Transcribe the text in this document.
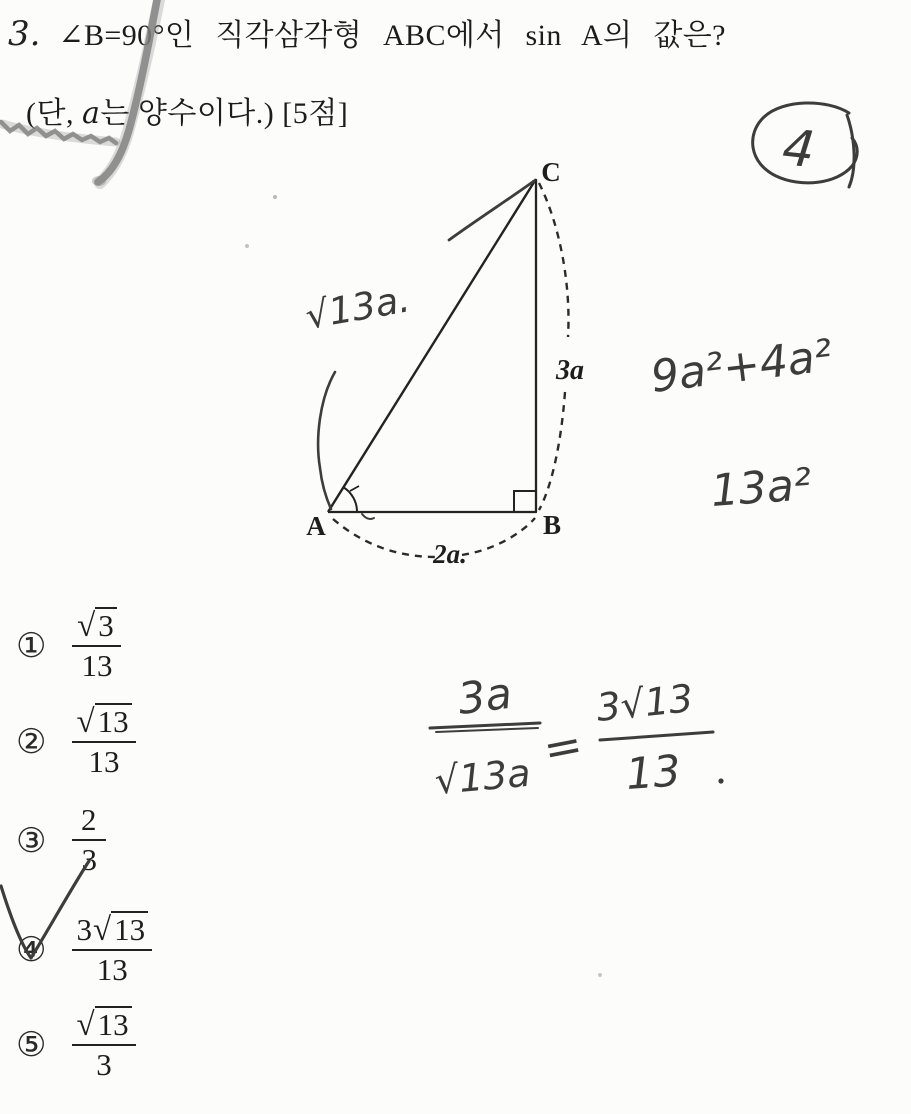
3. ∠B=90°인 직각삼각형 ABC에서 sin A의 값은?
(단, a는 양수이다.) [5점]
① $\frac{√ 3}{13}$
② $\frac{√ 13}{13}$
③ $\frac{2}{3}$
④ $\frac{3 √ 13}{13}$
⑤ $\frac{√ 13}{3}$
A	B
C
3a
2a.
√13a.
9a²+4a²
13a²
3a
√13a
=
3√13
13
4
